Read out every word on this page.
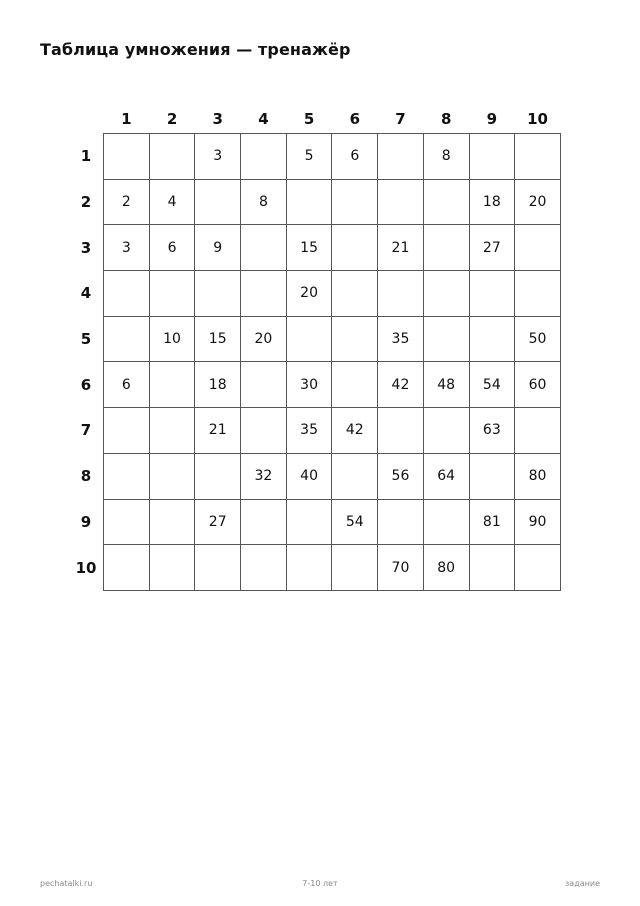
Таблица умножения — тренажёр
	1	2	3	4	5	6	7	8	9	10
1			3		5	6		8		
2	2	4		8					18	20
3	3	6	9		15		21		27	
4					20					
5		10	15	20			35			50
6	6		18		30		42	48	54	60
7			21		35	42			63	
8				32	40		56	64		80
9			27			54			81	90
10							70	80		
pechatalki.ru	7-10 лет	задание
